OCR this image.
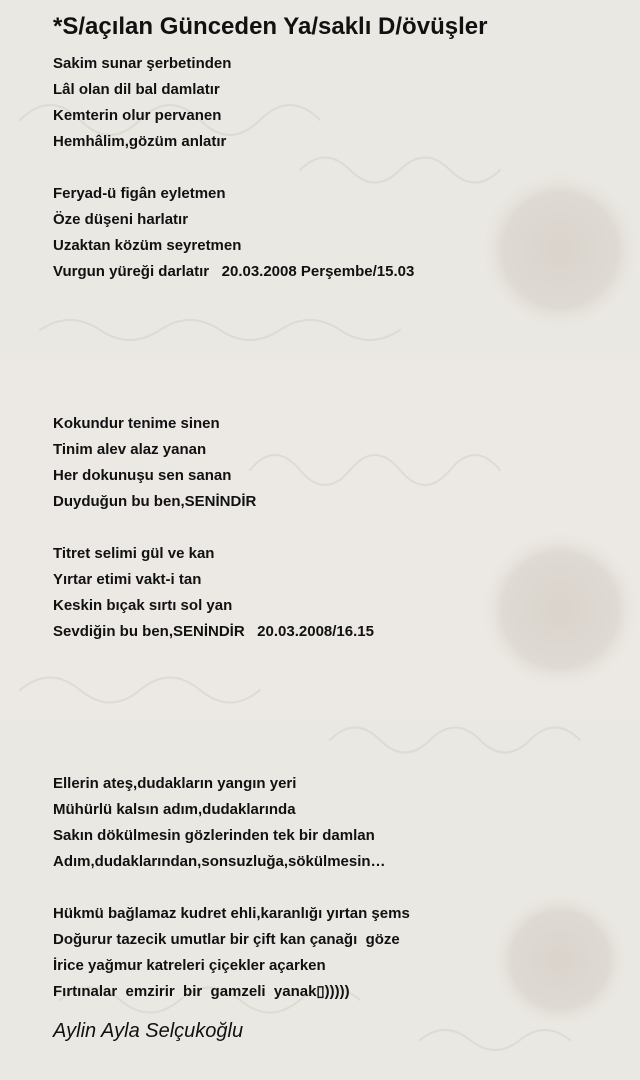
*S/açılan Günceden Ya/saklı D/övüşler
Sakim sunar şerbetinden
Lâl olan dil bal damlatır
Kemterin olur pervanen
Hemhâlim,gözüm anlatır
Feryad-ü figân eyletmen
Öze düşeni harlatır
Uzaktan közüm seyretmen
Vurgun yüreği darlatır   20.03.2008 Perşembe/15.03
Kokundur tenime sinen
Tinim alev alaz yanan
Her dokunuşu sen sanan
Duyduğun bu ben,SENİNDİR
Titret selimi gül ve kan
Yırtar etimi vakt-i tan
Keskin bıçak sırtı sol yan
Sevdiğin bu ben,SENİNDİR   20.03.2008/16.15
Ellerin ateş,dudakların yangın yeri
Mühürlü kalsın adım,dudaklarında
Sakın dökülmesin gözlerinden tek bir damlan
Adım,dudaklarından,sonsuzluğa,sökülmesin…
Hükmü bağlamaz kudret ehli,karanlığı yırtan şems
Doğurur tazecik umutlar bir çift kan çanağı  göze
İrice yağmur katreleri çiçekler açarken
Fırtınalar  emzirir  bir  gamzeli  yanak▯)))))
Aylin Ayla Selçukoğlu
